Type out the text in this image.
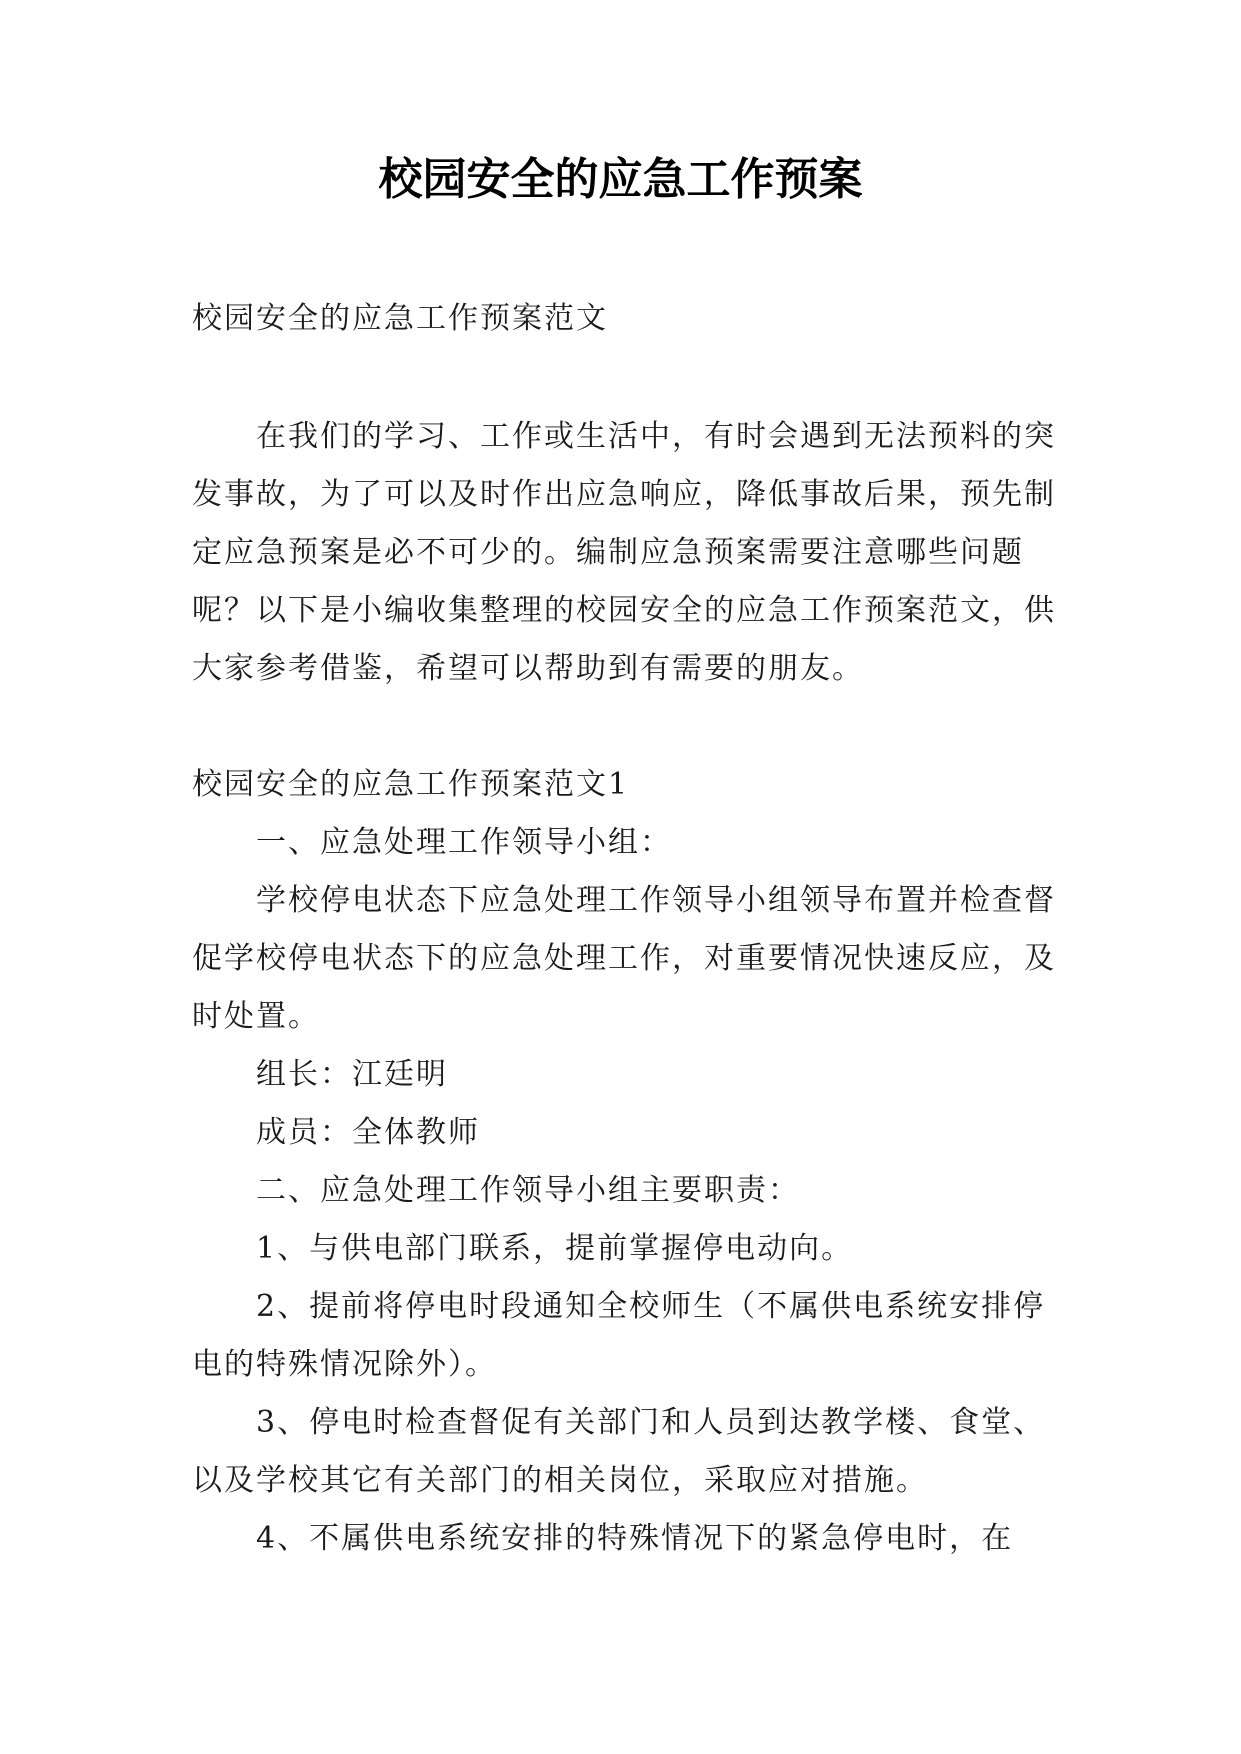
校园安全的应急工作预案

校园安全的应急工作预案范文

在我们的学习、工作或生活中，有时会遇到无法预料的突发事故，为了可以及时作出应急响应，降低事故后果，预先制定应急预案是必不可少的。编制应急预案需要注意哪些问题呢？以下是小编收集整理的校园安全的应急工作预案范文，供大家参考借鉴，希望可以帮助到有需要的朋友。

校园安全的应急工作预案范文1

一、应急处理工作领导小组：

学校停电状态下应急处理工作领导小组领导布置并检查督促学校停电状态下的应急处理工作，对重要情况快速反应，及时处置。

组长：江廷明

成员：全体教师

二、应急处理工作领导小组主要职责：

1、与供电部门联系，提前掌握停电动向。

2、提前将停电时段通知全校师生（不属供电系统安排停电的特殊情况除外）。

3、停电时检查督促有关部门和人员到达教学楼、食堂、以及学校其它有关部门的相关岗位，采取应对措施。

4、不属供电系统安排的特殊情况下的紧急停电时，在
